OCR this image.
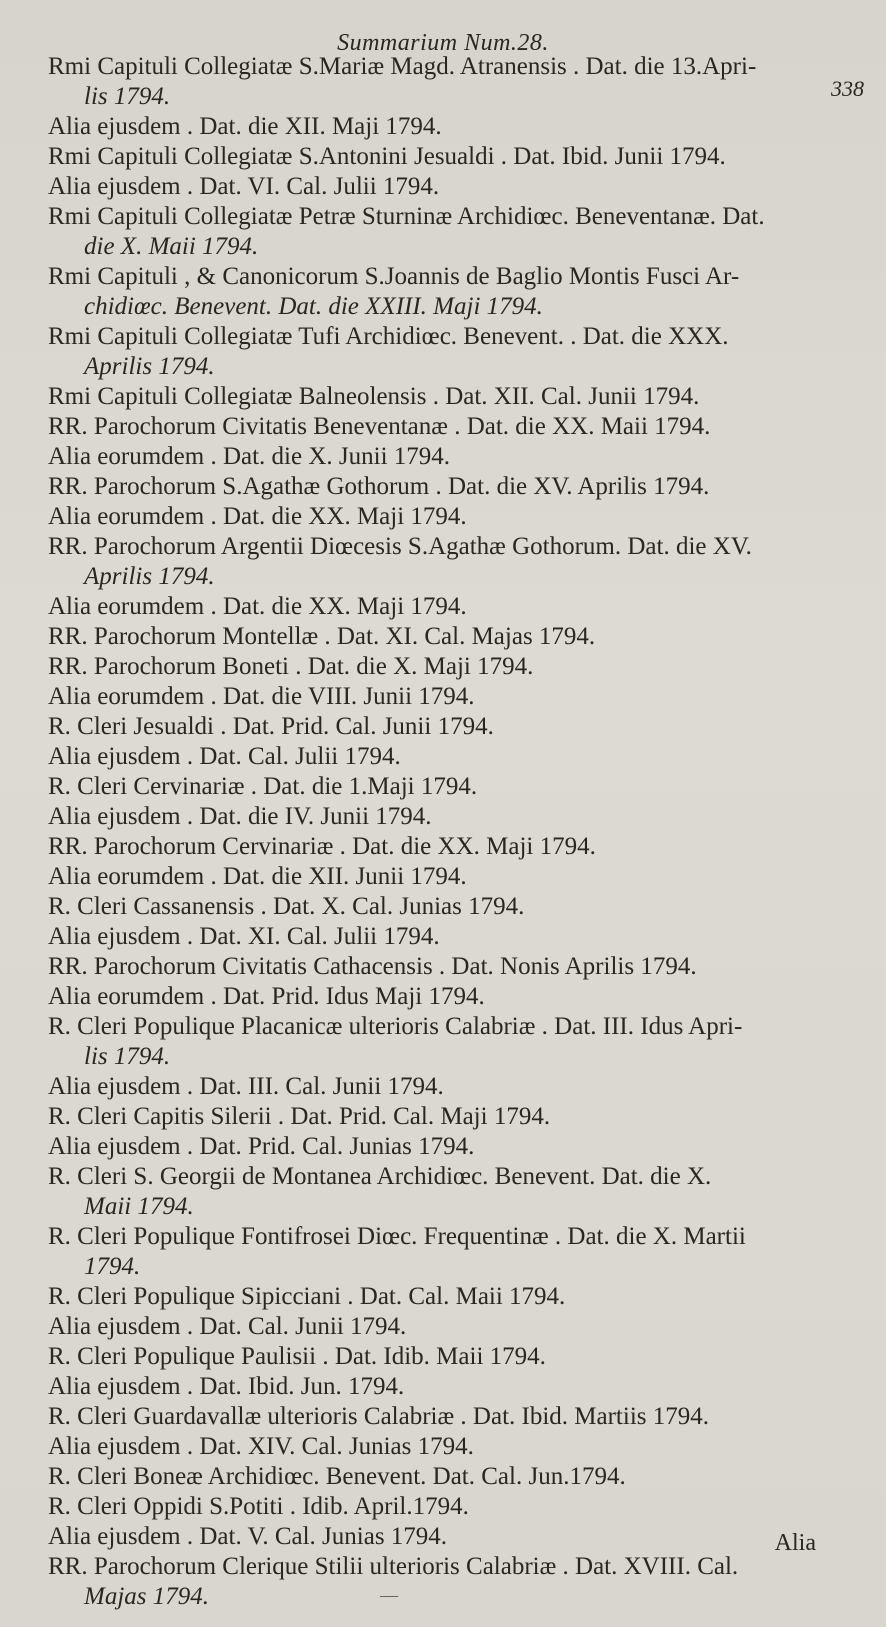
Summarium Num.28.
338

Rmi Capituli Collegiatæ S.Mariæ Magd. Atranensis . Dat. die 13.Apri-
lis 1794.

Alia ejusdem . Dat. die XII. Maji 1794.

Rmi Capituli Collegiatæ S.Antonini Jesualdi . Dat. Ibid. Junii 1794.

Alia ejusdem . Dat. VI. Cal. Julii 1794.

Rmi Capituli Collegiatæ Petræ Sturninæ Archidiœc. Beneventanæ. Dat.
die X. Maii 1794.

Rmi Capituli , & Canonicorum S.Joannis de Baglio Montis Fusci Ar-
chidiœc. Benevent. Dat. die XXIII. Maji 1794.

Rmi Capituli Collegiatæ Tufi Archidiœc. Benevent. . Dat. die XXX.
Aprilis 1794.

Rmi Capituli Collegiatæ Balneolensis . Dat. XII. Cal. Junii 1794.

RR. Parochorum Civitatis Beneventanæ . Dat. die XX. Maii 1794.

Alia eorumdem . Dat. die X. Junii 1794.

RR. Parochorum S.Agathæ Gothorum . Dat. die XV. Aprilis 1794.

Alia eorumdem . Dat. die XX. Maji 1794.

RR. Parochorum Argentii Diœcesis S.Agathæ Gothorum. Dat. die XV.
Aprilis 1794.

Alia eorumdem . Dat. die XX. Maji 1794.

RR. Parochorum Montellæ . Dat. XI. Cal. Majas 1794.

RR. Parochorum Boneti . Dat. die X. Maji 1794.

Alia eorumdem . Dat. die VIII. Junii 1794.

R. Cleri Jesualdi . Dat. Prid. Cal. Junii 1794.

Alia ejusdem . Dat. Cal. Julii 1794.

R. Cleri Cervinariæ . Dat. die 1.Maji 1794.

Alia ejusdem . Dat. die IV. Junii 1794.

RR. Parochorum Cervinariæ . Dat. die XX. Maji 1794.

Alia eorumdem . Dat. die XII. Junii 1794.

R. Cleri Cassanensis . Dat. X. Cal. Junias 1794.

Alia ejusdem . Dat. XI. Cal. Julii 1794.

RR. Parochorum Civitatis Cathacensis . Dat. Nonis Aprilis 1794.

Alia eorumdem . Dat. Prid. Idus Maji 1794.

R. Cleri Populique Placanicæ ulterioris Calabriæ . Dat. III. Idus Apri-
lis 1794.

Alia ejusdem . Dat. III. Cal. Junii 1794.

R. Cleri Capitis Silerii . Dat. Prid. Cal. Maji 1794.

Alia ejusdem . Dat. Prid. Cal. Junias 1794.

R. Cleri S. Georgii de Montanea Archidiœc. Benevent. Dat. die X.
Maii 1794.

R. Cleri Populique Fontifrosei Diœc. Frequentinæ . Dat. die X. Martii
1794.

R. Cleri Populique Sipicciani . Dat. Cal. Maii 1794.

Alia ejusdem . Dat. Cal. Junii 1794.

R. Cleri Populique Paulisii . Dat. Idib. Maii 1794.

Alia ejusdem . Dat. Ibid. Jun. 1794.

R. Cleri Guardavallæ ulterioris Calabriæ . Dat. Ibid. Martiis 1794.

Alia ejusdem . Dat. XIV. Cal. Junias 1794.

R. Cleri Boneæ Archidiœc. Benevent. Dat. Cal. Jun.1794.

R. Cleri Oppidi S.Potiti . Idib. April.1794.

Alia ejusdem . Dat. V. Cal. Junias 1794.

RR. Parochorum Clerique Stilii ulterioris Calabriæ . Dat. XVIII. Cal.
Majas 1794.

Alia
—
